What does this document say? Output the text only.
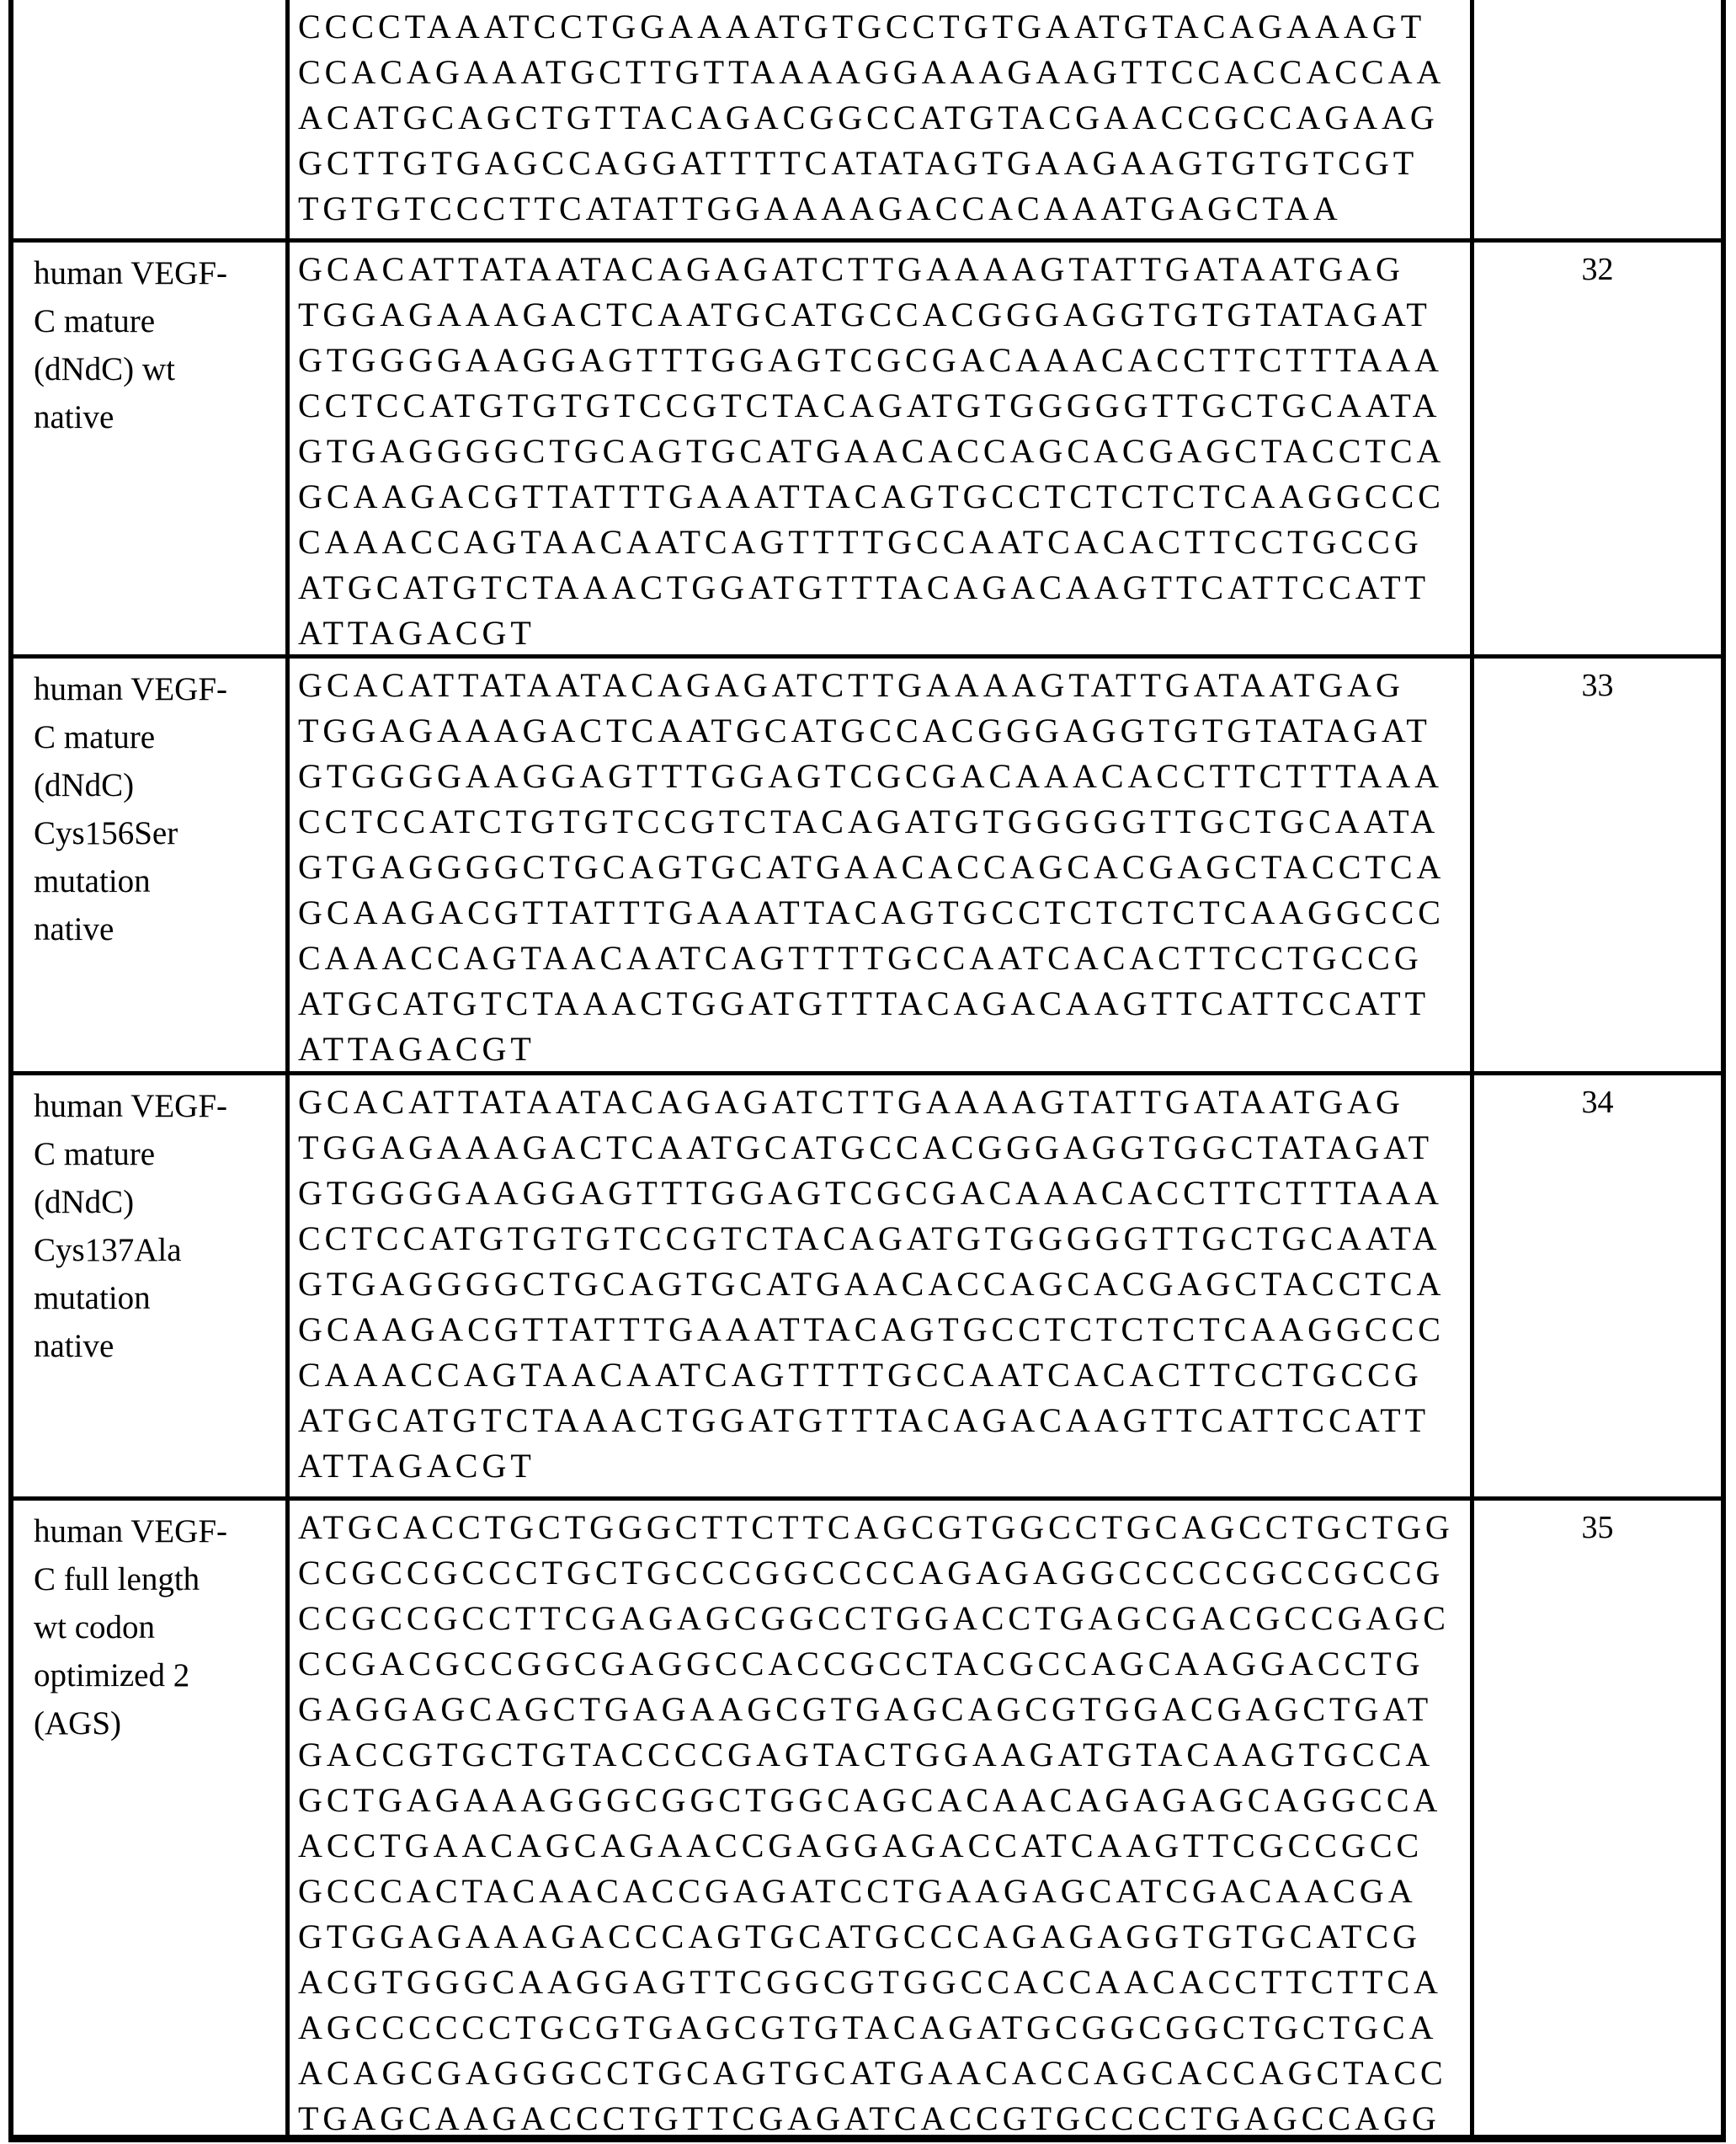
CCCCTAAATCCTGGAAAATGTGCCTGTGAATGTACAGAAAGT
CCACAGAAATGCTTGTTAAAAGGAAAGAAGTTCCACCACCAA
ACATGCAGCTGTTACAGACGGCCATGTACGAACCGCCAGAAG
GCTTGTGAGCCAGGATTTTCATATAGTGAAGAAGTGTGTCGT
TGTGTCCCTTCATATTGGAAAAGACCACAAATGAGCTAA
human VEGF-
C mature
(dNdC) wt
native
GCACATTATAATACAGAGATCTTGAAAAGTATTGATAATGAG
TGGAGAAAGACTCAATGCATGCCACGGGAGGTGTGTATAGAT
GTGGGGAAGGAGTTTGGAGTCGCGACAAACACCTTCTTTAAA
CCTCCATGTGTGTCCGTCTACAGATGTGGGGGTTGCTGCAATA
GTGAGGGGCTGCAGTGCATGAACACCAGCACGAGCTACCTCA
GCAAGACGTTATTTGAAATTACAGTGCCTCTCTCTCAAGGCCC
CAAACCAGTAACAATCAGTTTTGCCAATCACACTTCCTGCCG
ATGCATGTCTAAACTGGATGTTTACAGACAAGTTCATTCCATT
ATTAGACGT
32
human VEGF-
C mature
(dNdC)
Cys156Ser
mutation
native
GCACATTATAATACAGAGATCTTGAAAAGTATTGATAATGAG
TGGAGAAAGACTCAATGCATGCCACGGGAGGTGTGTATAGAT
GTGGGGAAGGAGTTTGGAGTCGCGACAAACACCTTCTTTAAA
CCTCCATCTGTGTCCGTCTACAGATGTGGGGGTTGCTGCAATA
GTGAGGGGCTGCAGTGCATGAACACCAGCACGAGCTACCTCA
GCAAGACGTTATTTGAAATTACAGTGCCTCTCTCTCAAGGCCC
CAAACCAGTAACAATCAGTTTTGCCAATCACACTTCCTGCCG
ATGCATGTCTAAACTGGATGTTTACAGACAAGTTCATTCCATT
ATTAGACGT
33
human VEGF-
C mature
(dNdC)
Cys137Ala
mutation
native
GCACATTATAATACAGAGATCTTGAAAAGTATTGATAATGAG
TGGAGAAAGACTCAATGCATGCCACGGGAGGTGGCTATAGAT
GTGGGGAAGGAGTTTGGAGTCGCGACAAACACCTTCTTTAAA
CCTCCATGTGTGTCCGTCTACAGATGTGGGGGTTGCTGCAATA
GTGAGGGGCTGCAGTGCATGAACACCAGCACGAGCTACCTCA
GCAAGACGTTATTTGAAATTACAGTGCCTCTCTCTCAAGGCCC
CAAACCAGTAACAATCAGTTTTGCCAATCACACTTCCTGCCG
ATGCATGTCTAAACTGGATGTTTACAGACAAGTTCATTCCATT
ATTAGACGT
34
human VEGF-
C full length
wt codon
optimized 2
(AGS)
ATGCACCTGCTGGGCTTCTTCAGCGTGGCCTGCAGCCTGCTGG
CCGCCGCCCTGCTGCCCGGCCCCAGAGAGGCCCCCGCCGCCG
CCGCCGCCTTCGAGAGCGGCCTGGACCTGAGCGACGCCGAGC
CCGACGCCGGCGAGGCCACCGCCTACGCCAGCAAGGACCTG
GAGGAGCAGCTGAGAAGCGTGAGCAGCGTGGACGAGCTGAT
GACCGTGCTGTACCCCGAGTACTGGAAGATGTACAAGTGCCA
GCTGAGAAAGGGCGGCTGGCAGCACAACAGAGAGCAGGCCA
ACCTGAACAGCAGAACCGAGGAGACCATCAAGTTCGCCGCC
GCCCACTACAACACCGAGATCCTGAAGAGCATCGACAACGA
GTGGAGAAAGACCCAGTGCATGCCCAGAGAGGTGTGCATCG
ACGTGGGCAAGGAGTTCGGCGTGGCCACCAACACCTTCTTCA
AGCCCCCCTGCGTGAGCGTGTACAGATGCGGCGGCTGCTGCA
ACAGCGAGGGCCTGCAGTGCATGAACACCAGCACCAGCTACC
TGAGCAAGACCCTGTTCGAGATCACCGTGCCCCTGAGCCAGG
35
